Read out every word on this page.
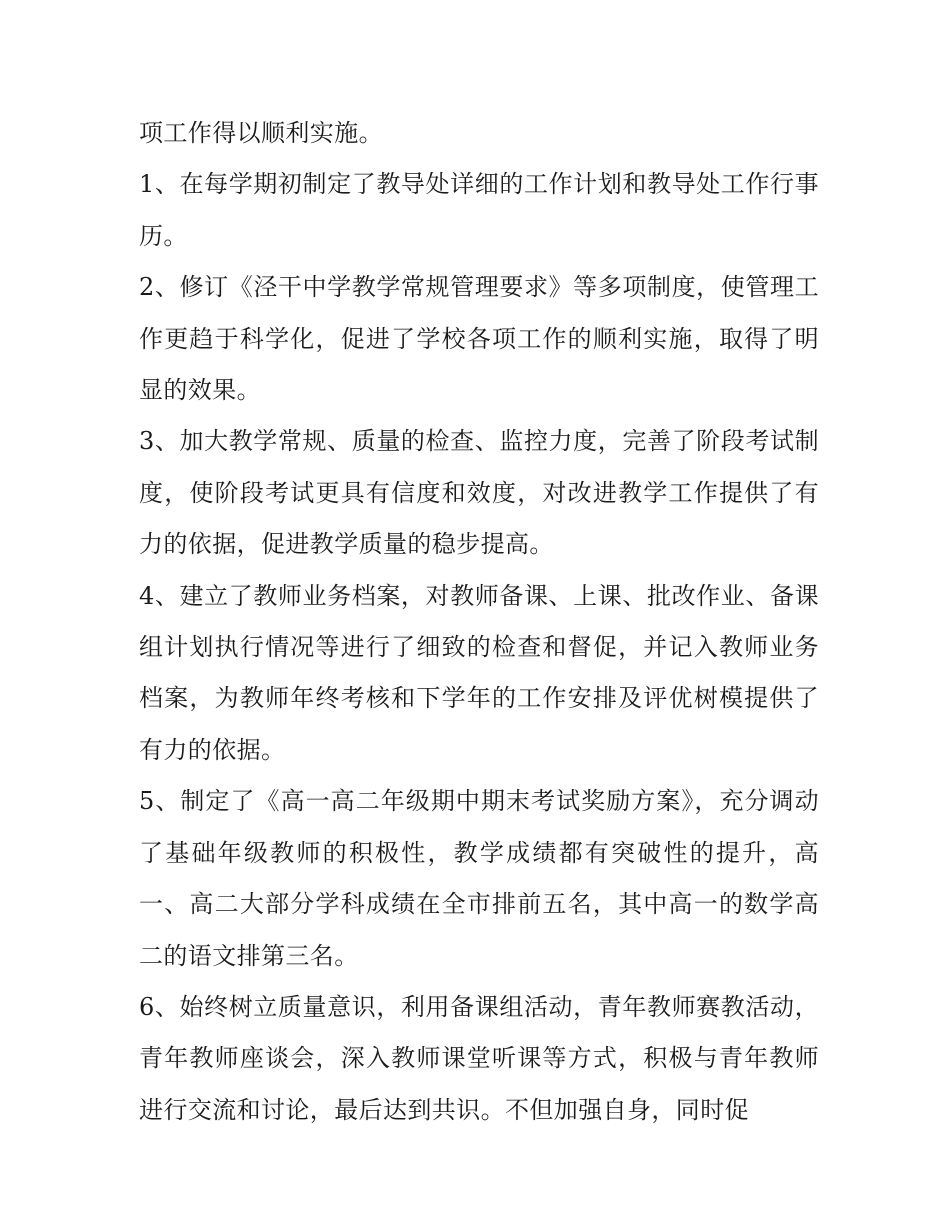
项工作得以顺利实施。

1、在每学期初制定了教导处详细的工作计划和教导处工作行事历。

2、修订《泾干中学教学常规管理要求》等多项制度，使管理工作更趋于科学化，促进了学校各项工作的顺利实施，取得了明显的效果。

3、加大教学常规、质量的检查、监控力度，完善了阶段考试制度，使阶段考试更具有信度和效度，对改进教学工作提供了有力的依据，促进教学质量的稳步提高。

4、建立了教师业务档案，对教师备课、上课、批改作业、备课组计划执行情况等进行了细致的检查和督促，并记入教师业务档案，为教师年终考核和下学年的工作安排及评优树模提供了有力的依据。

5、制定了《高一高二年级期中期末考试奖励方案》，充分调动了基础年级教师的积极性，教学成绩都有突破性的提升，高一、高二大部分学科成绩在全市排前五名，其中高一的数学高二的语文排第三名。

6、始终树立质量意识，利用备课组活动，青年教师赛教活动，青年教师座谈会，深入教师课堂听课等方式，积极与青年教师进行交流和讨论，最后达到共识。不但加强自身，同时促
